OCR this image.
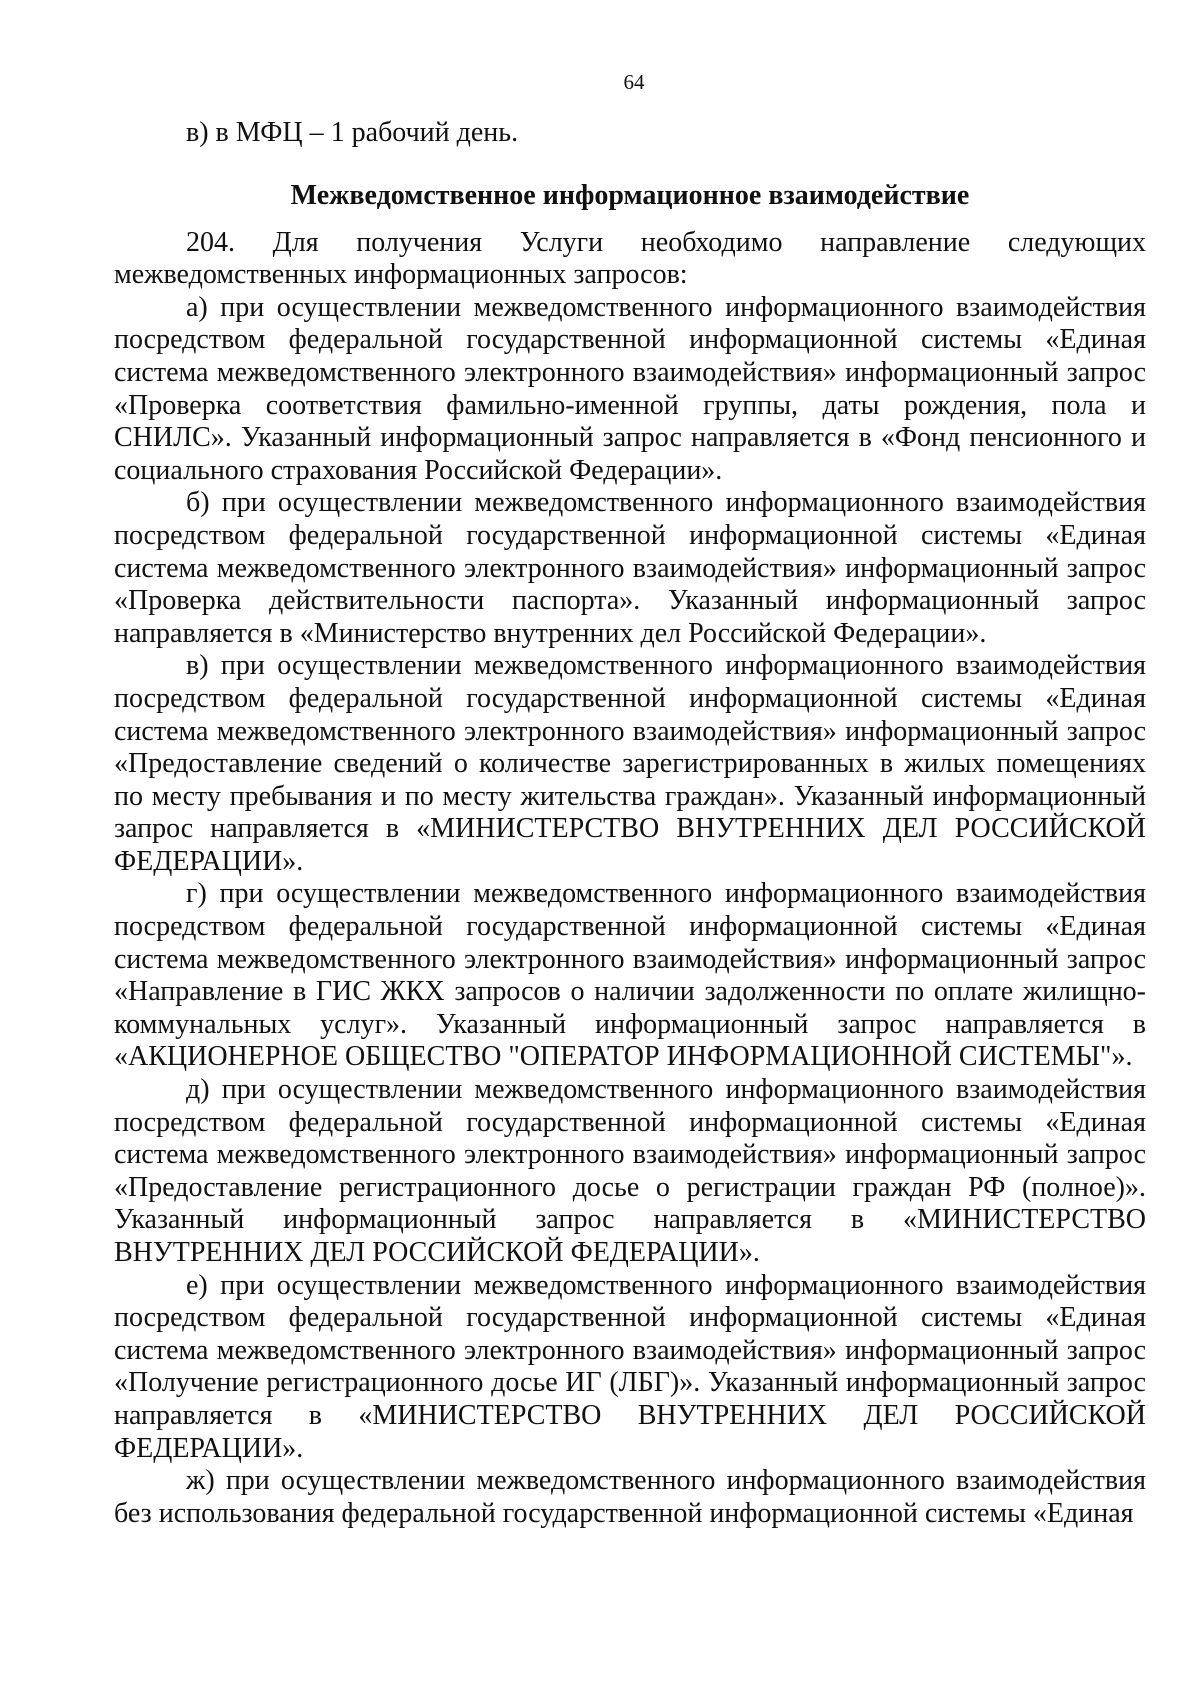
64

в) в МФЦ – 1 рабочий день.

Межведомственное информационное взаимодействие

204. Для получения Услуги необходимо направление следующих межведомственных информационных запросов:

а) при осуществлении межведомственного информационного взаимодействия посредством федеральной государственной информационной системы «Единая система межведомственного электронного взаимодействия» информационный запрос «Проверка соответствия фамильно-именной группы, даты рождения, пола и СНИЛС». Указанный информационный запрос направляется в «Фонд пенсионного и социального страхования Российской Федерации».

б) при осуществлении межведомственного информационного взаимодействия посредством федеральной государственной информационной системы «Единая система межведомственного электронного взаимодействия» информационный запрос «Проверка действительности паспорта». Указанный информационный запрос направляется в «Министерство внутренних дел Российской Федерации».

в) при осуществлении межведомственного информационного взаимодействия посредством федеральной государственной информационной системы «Единая система межведомственного электронного взаимодействия» информационный запрос «Предоставление сведений о количестве зарегистрированных в жилых помещениях по месту пребывания и по месту жительства граждан». Указанный информационный запрос направляется в «МИНИСТЕРСТВО ВНУТРЕННИХ ДЕЛ РОССИЙСКОЙ ФЕДЕРАЦИИ».

г) при осуществлении межведомственного информационного взаимодействия посредством федеральной государственной информационной системы «Единая система межведомственного электронного взаимодействия» информационный запрос «Направление в ГИС ЖКХ запросов о наличии задолженности по оплате жилищно-коммунальных услуг». Указанный информационный запрос направляется в «АКЦИОНЕРНОЕ ОБЩЕСТВО "ОПЕРАТОР ИНФОРМАЦИОННОЙ СИСТЕМЫ"».

д) при осуществлении межведомственного информационного взаимодействия посредством федеральной государственной информационной системы «Единая система межведомственного электронного взаимодействия» информационный запрос «Предоставление регистрационного досье о регистрации граждан РФ (полное)». Указанный информационный запрос направляется в «МИНИСТЕРСТВО ВНУТРЕННИХ ДЕЛ РОССИЙСКОЙ ФЕДЕРАЦИИ».

е) при осуществлении межведомственного информационного взаимодействия посредством федеральной государственной информационной системы «Единая система межведомственного электронного взаимодействия» информационный запрос «Получение регистрационного досье ИГ (ЛБГ)». Указанный информационный запрос направляется в «МИНИСТЕРСТВО ВНУТРЕННИХ ДЕЛ РОССИЙСКОЙ ФЕДЕРАЦИИ».

ж) при осуществлении межведомственного информационного взаимодействия без использования федеральной государственной информационной системы «Единая
